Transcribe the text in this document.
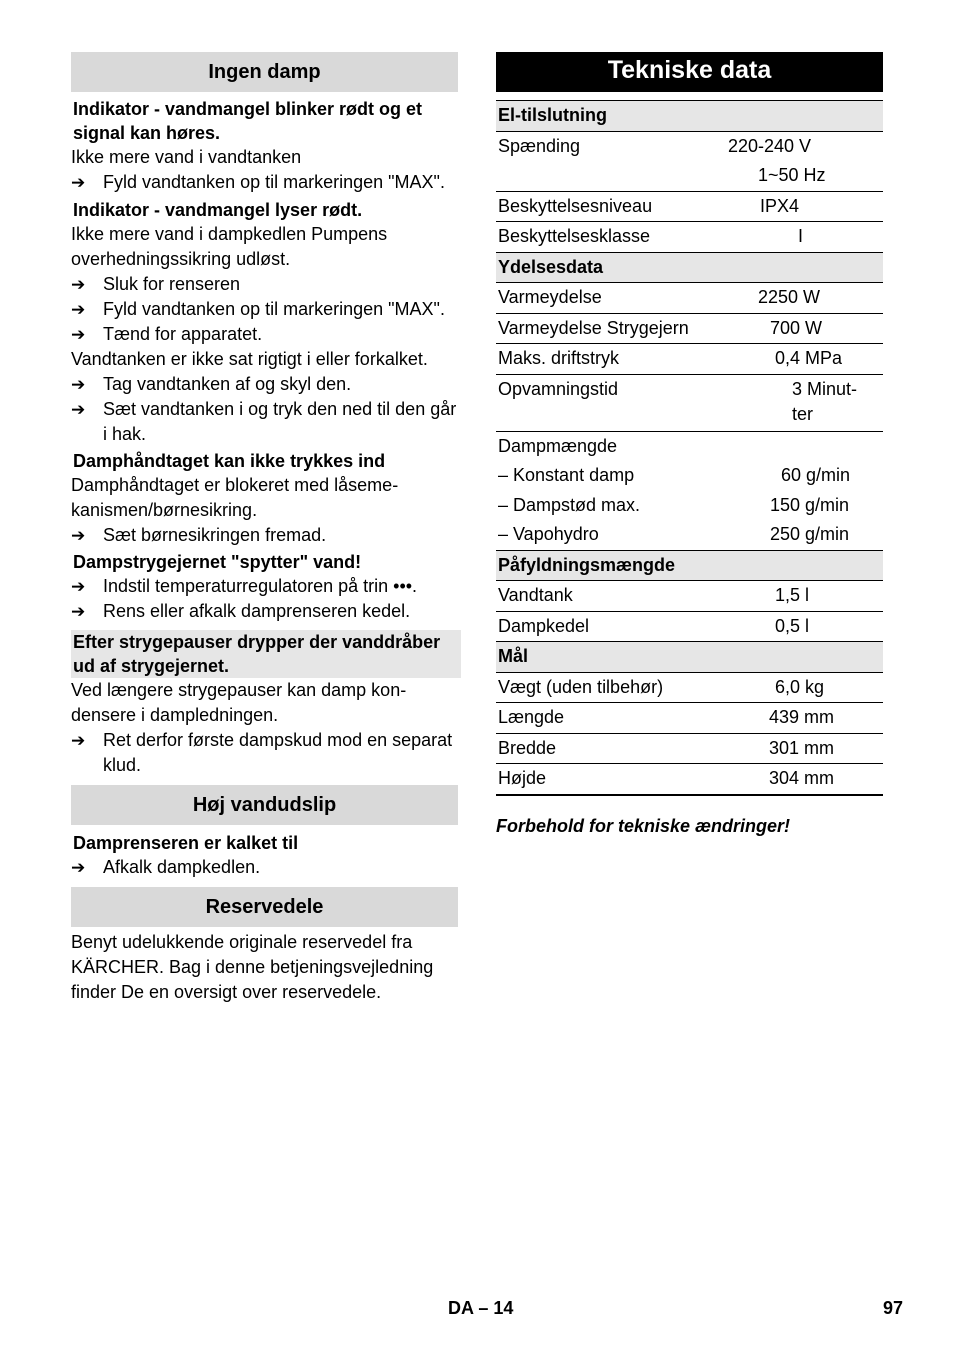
Ingen damp
Indikator - vandmangel blinker rødt og et signal kan høres.
Ikke mere vand i vandtanken
➔ Fyld vandtanken op til markeringen "MAX".
Indikator - vandmangel lyser rødt.
Ikke mere vand i dampkedlen Pumpens overhedningssikring udløst.
➔ Sluk for renseren
➔ Fyld vandtanken op til markeringen "MAX".
➔ Tænd for apparatet.
Vandtanken er ikke sat rigtigt i eller forkalket.
➔ Tag vandtanken af og skyl den.
➔ Sæt vandtanken i og tryk den ned til den går i hak.
Damphåndtaget kan ikke trykkes ind
Damphåndtaget er blokeret med låsemekanismen/børnesikring.
➔ Sæt børnesikringen fremad.
Dampstrygejernet "spytter" vand!
➔ Indstil temperaturregulatoren på trin •••.
➔ Rens eller afkalk damprenseren kedel.
Efter strygepauser drypper der vanddråber ud af strygejernet.
Ved længere strygepauser kan damp kondensere i dampledningen.
➔ Ret derfor første dampskud mod en separat klud.
Høj vandudslip
Damprenseren er kalket til
➔ Afkalk dampkedlen.
Reservedele
Benyt udelukkende originale reservedel fra KÄRCHER. Bag i denne betjeningsvejledning finder De en oversigt over reservedele.
Tekniske data
El-tilslutning	
Spænding	220-240 V
	1~50 Hz
Beskyttelsesniveau	IPX4
Beskyttelsesklasse	I
Ydelsesdata	
Varmeydelse	2250 W
Varmeydelse Strygejern	700 W
Maks. driftstryk	0,4 MPa
Opvamningstid	3 Minutter
Dampmængde	
– Konstant damp	60 g/min
– Dampstød max.	150 g/min
– Vapohydro	250 g/min
Påfyldningsmængde	
Vandtank	1,5 l
Dampkedel	0,5 l
Mål	
Vægt (uden tilbehør)	6,0 kg
Længde	439 mm
Bredde	301 mm
Højde	304 mm
Forbehold for tekniske ændringer!
DA – 14	97
